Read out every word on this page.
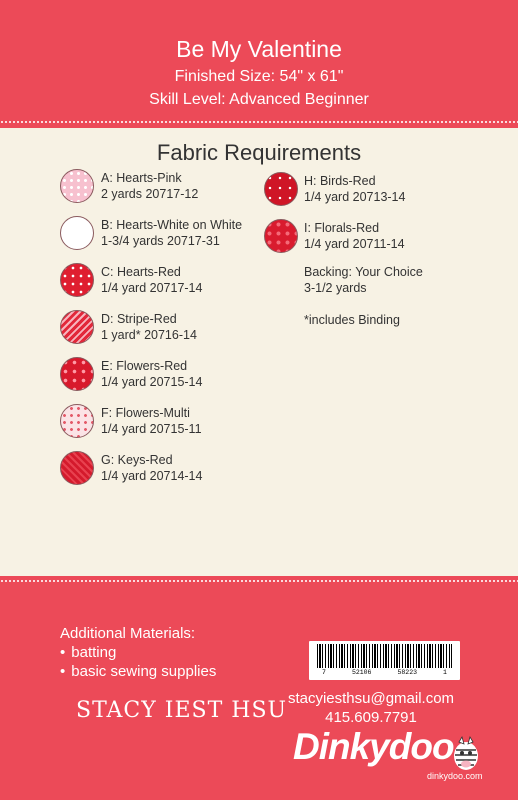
Be My Valentine
Finished Size: 54" x 61"
Skill Level: Advanced Beginner
Fabric Requirements
A: Hearts-Pink
2 yards 20717-12
B: Hearts-White on White
1-3/4 yards 20717-31
C: Hearts-Red
1/4 yard 20717-14
D: Stripe-Red
1 yard* 20716-14
E: Flowers-Red
1/4 yard 20715-14
F: Flowers-Multi
1/4 yard 20715-11
G: Keys-Red
1/4 yard 20714-14
H: Birds-Red
1/4 yard 20713-14
I: Florals-Red
1/4 yard 20711-14
Backing: Your Choice
3-1/2 yards
*includes Binding
Additional Materials:
• batting
• basic sewing supplies
STACY IEST HSU
7	52106	58223	1
stacyiesthsu@gmail.com
415.609.7791
Dinkydoo
dinkydoo.com
